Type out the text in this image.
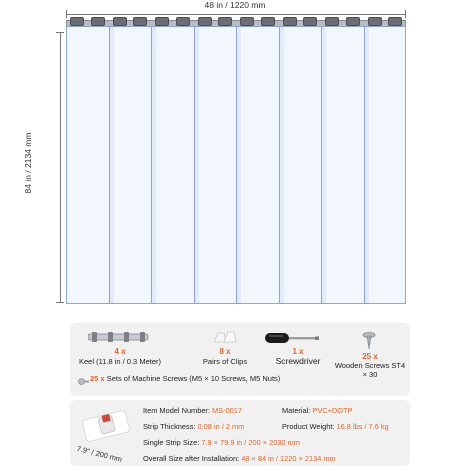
48 in / 1220 mm
84 in / 2134 mm
4 x
Keel (11.8 in / 0.3 Meter)
8 x
Pairs of Clips
1 x
Screwdriver	25 x
Wooden Screws ST4 × 30
25 x Sets of Machine Screws (M5 × 10 Screws, M5 Nuts)
7.9" / 200 mm
Item Model Number: MS-0017	Material: PVC+DOTP
Strip Thickness: 0.08 in / 2 mm	Product Weight: 16.8 lbs / 7.6 kg
Single Strip Size: 7.9 × 79.9 in / 200 × 2030 mm
Overall Size after Installation: 48 × 84 in / 1220 × 2134 mm
